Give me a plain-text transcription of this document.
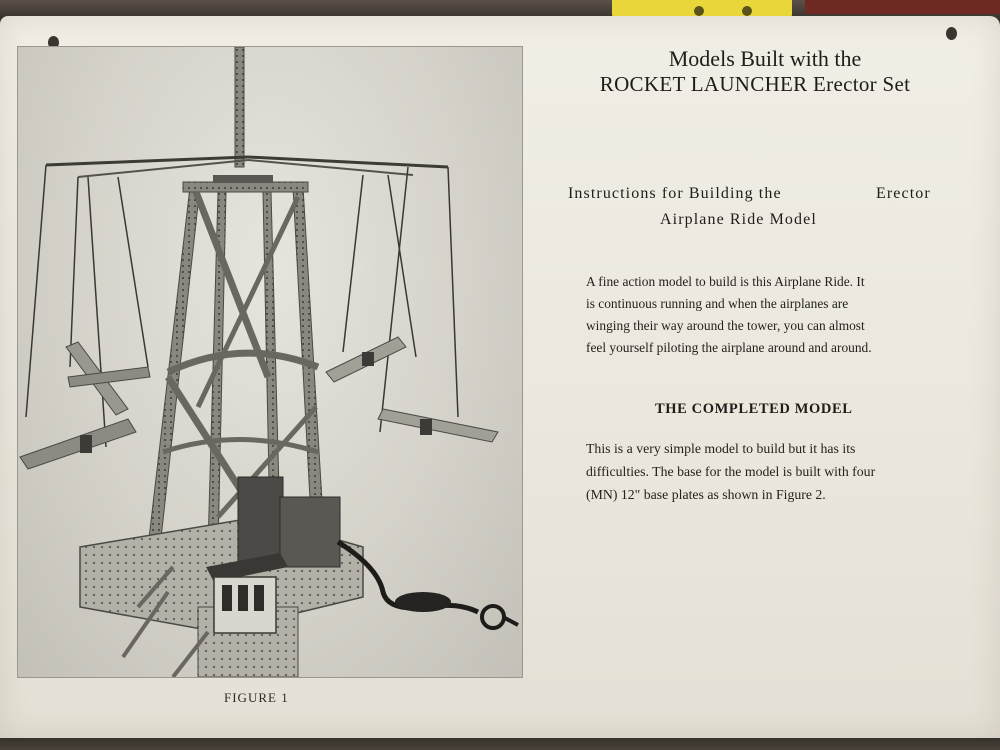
FIGURE 1
Models Built with the
ROCKET LAUNCHER Erector Set
Instructions for Building the	Erector
Airplane Ride Model
A fine action model to build is this Airplane Ride. It
is continuous running and when the airplanes are
winging their way around the tower, you can almost
feel yourself piloting the airplane around and around.
THE COMPLETED MODEL
This is a very simple model to build but it has its
difficulties. The base for the model is built with four
(MN) 12" base plates as shown in Figure 2.
